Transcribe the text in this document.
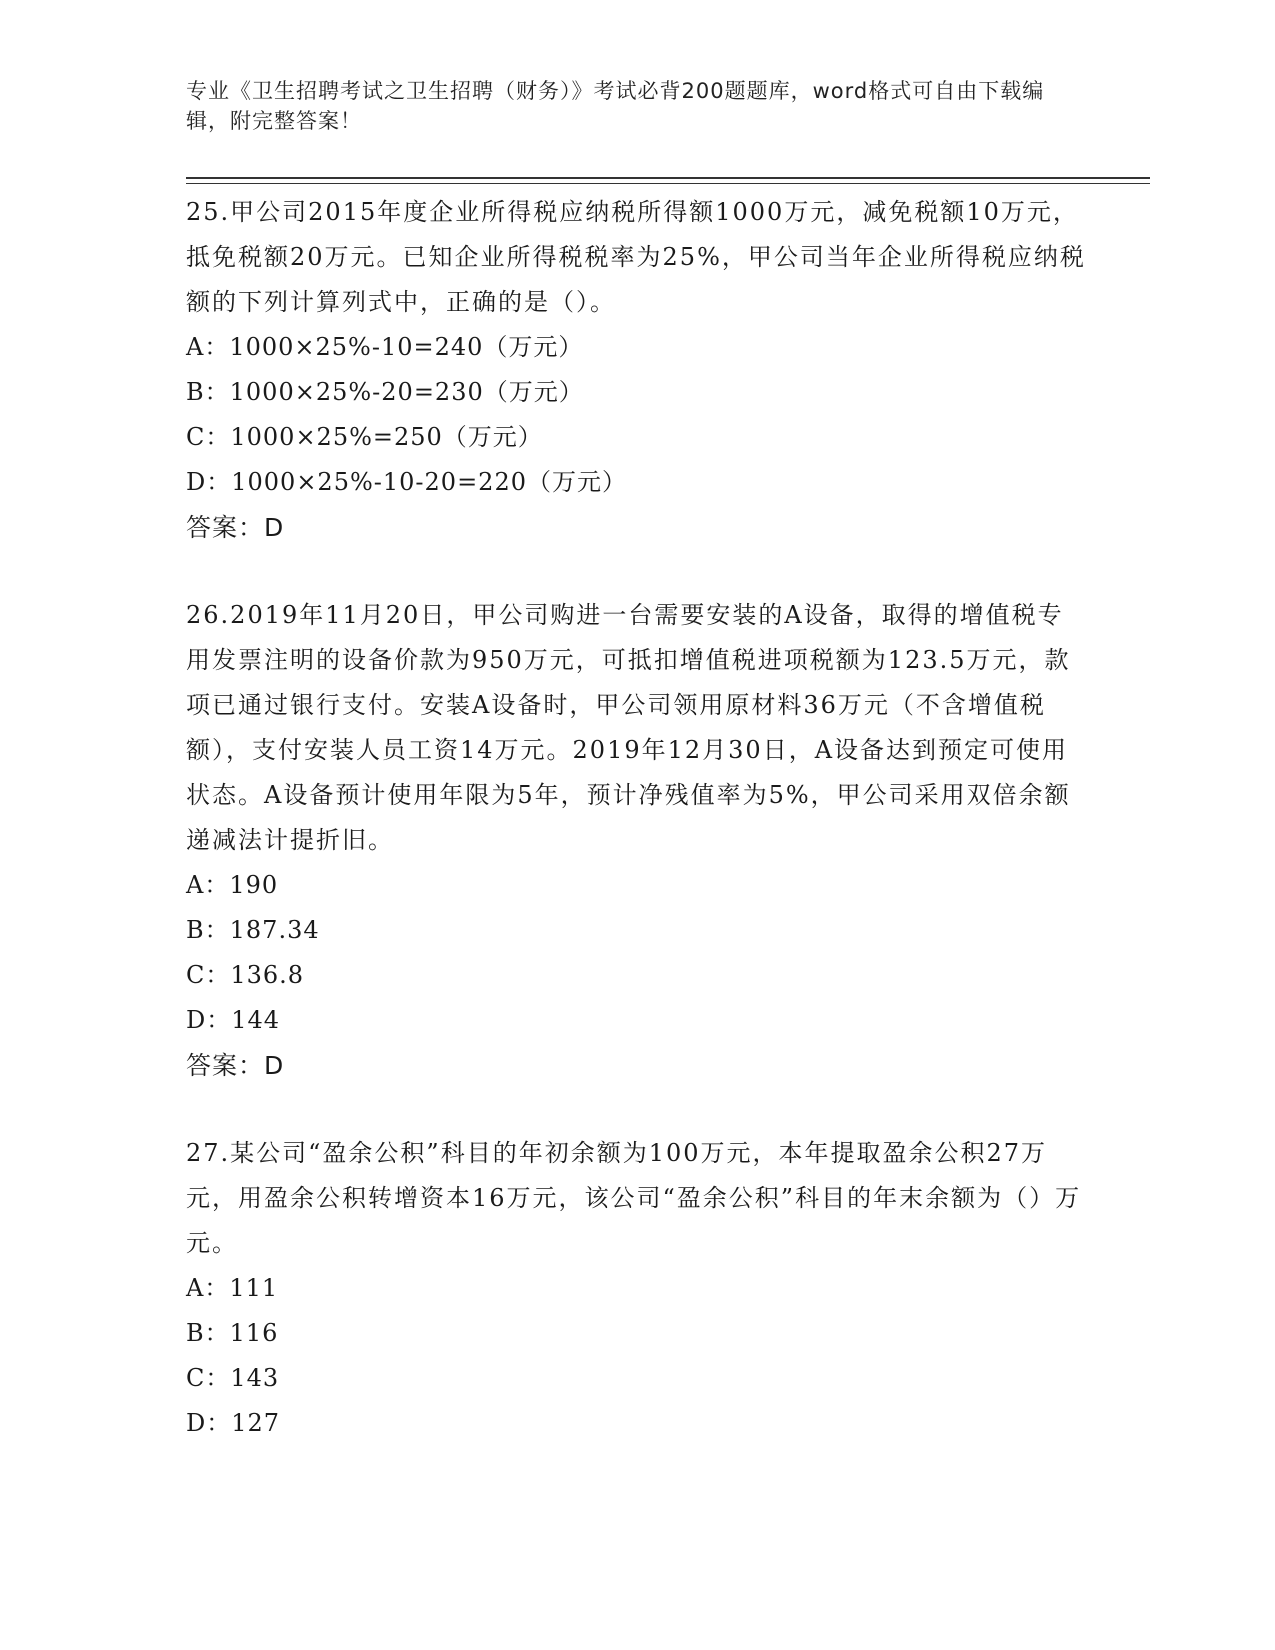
专业《卫生招聘考试之卫生招聘（财务）》考试必背200题题库，word格式可自由下载编辑，附完整答案！

25.甲公司2015年度企业所得税应纳税所得额1000万元，减免税额10万元，抵免税额20万元。已知企业所得税税率为25%，甲公司当年企业所得税应纳税额的下列计算列式中，正确的是（）。

A：1000×25%-10=240（万元）

B：1000×25%-20=230（万元）

C：1000×25%=250（万元）

D：1000×25%-10-20=220（万元）

答案：D

26.2019年11月20日，甲公司购进一台需要安装的A设备，取得的增值税专用发票注明的设备价款为950万元，可抵扣增值税进项税额为123.5万元，款项已通过银行支付。安装A设备时，甲公司领用原材料36万元（不含增值税额），支付安装人员工资14万元。2019年12月30日，A设备达到预定可使用状态。A设备预计使用年限为5年，预计净残值率为5%，甲公司采用双倍余额递减法计提折旧。

A：190

B：187.34

C：136.8

D：144

答案：D

27.某公司“盈余公积”科目的年初余额为100万元，本年提取盈余公积27万元，用盈余公积转增资本16万元，该公司“盈余公积”科目的年末余额为（）万元。

A：111

B：116

C：143

D：127
